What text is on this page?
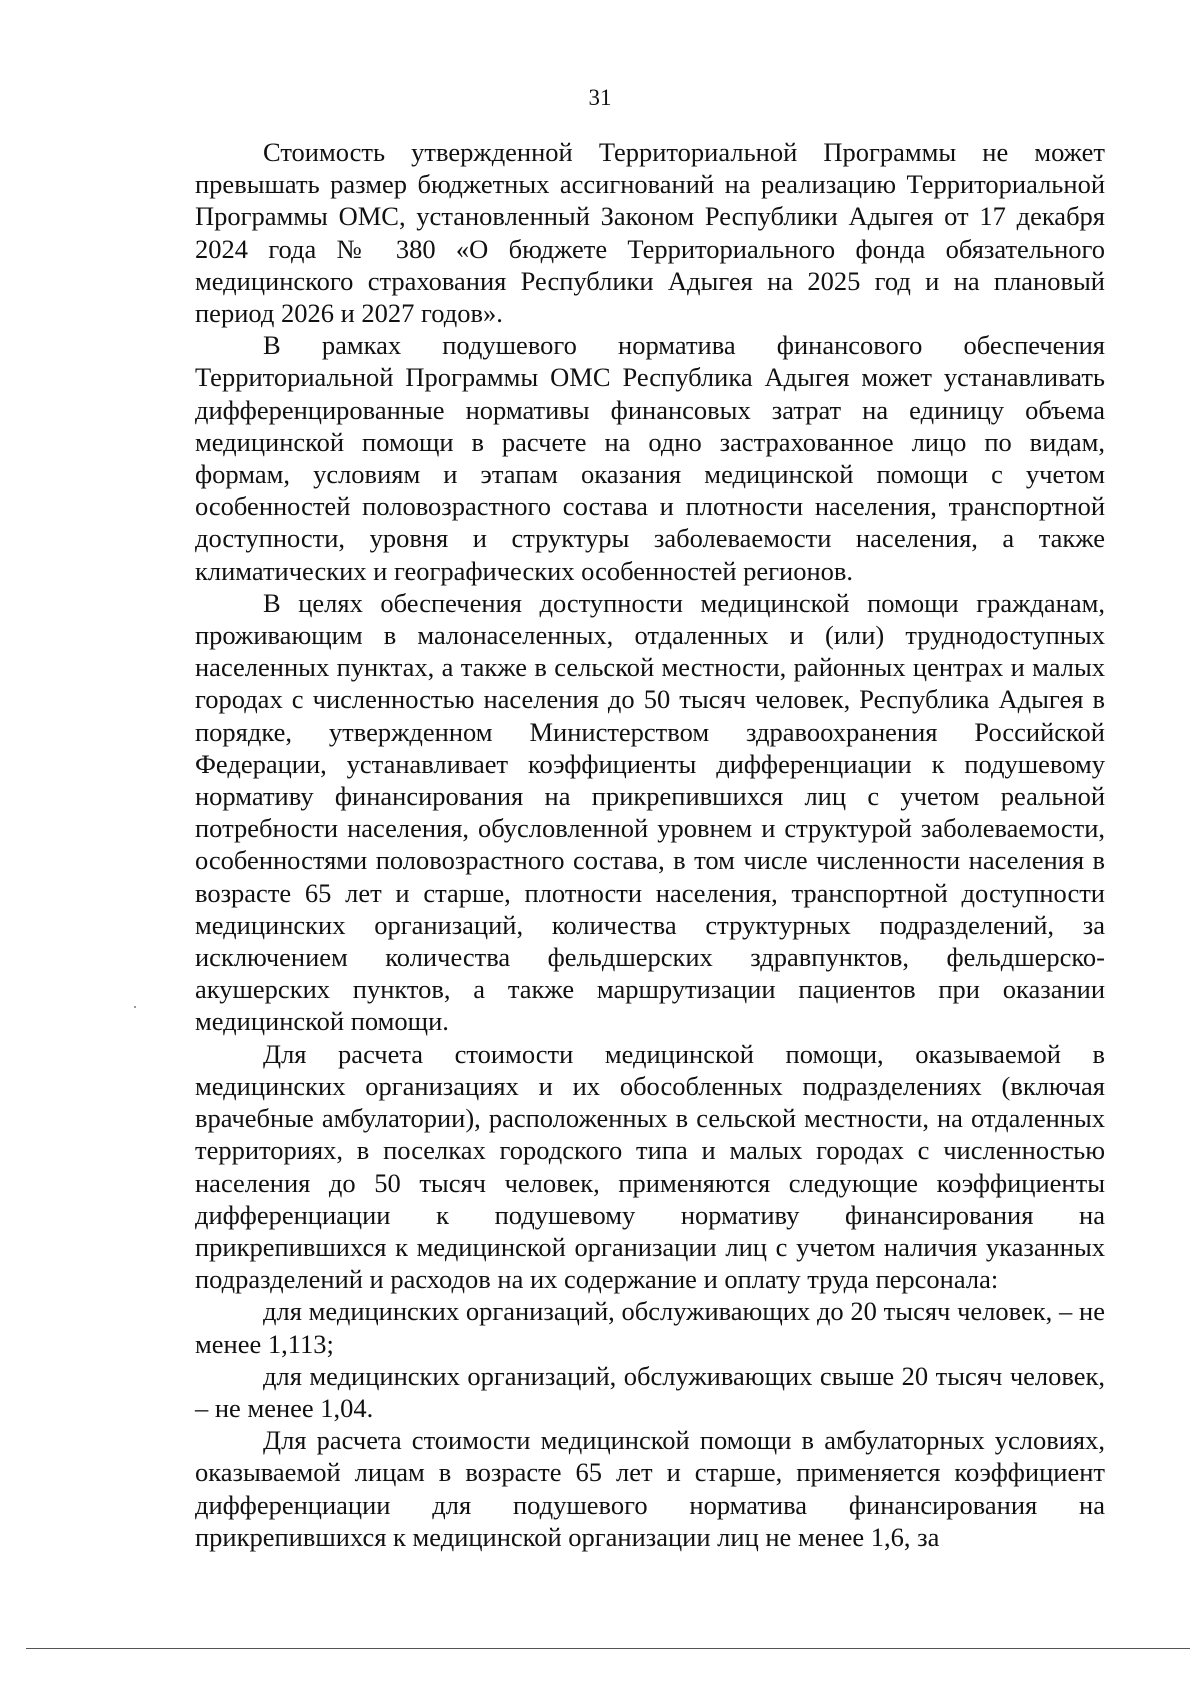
31

Стоимость утвержденной Территориальной Программы не может превышать размер бюджетных ассигнований на реализацию Территориальной Программы ОМС, установленный Законом Республики Адыгея от 17 декабря 2024 года № 380 «О бюджете Территориального фонда обязательного медицинского страхования Республики Адыгея на 2025 год и на плановый период 2026 и 2027 годов».

В рамках подушевого норматива финансового обеспечения Территориальной Программы ОМС Республика Адыгея может устанавливать дифференцированные нормативы финансовых затрат на единицу объема медицинской помощи в расчете на одно застрахованное лицо по видам, формам, условиям и этапам оказания медицинской помощи с учетом особенностей половозрастного состава и плотности населения, транспортной доступности, уровня и структуры заболеваемости населения, а также климатических и географических особенностей регионов.

В целях обеспечения доступности медицинской помощи гражданам, проживающим в малонаселенных, отдаленных и (или) труднодоступных населенных пунктах, а также в сельской местности, районных центрах и малых городах с численностью населения до 50 тысяч человек, Республика Адыгея в порядке, утвержденном Министерством здравоохранения Российской Федерации, устанавливает коэффициенты дифференциации к подушевому нормативу финансирования на прикрепившихся лиц с учетом реальной потребности населения, обусловленной уровнем и структурой заболеваемости, особенностями половозрастного состава, в том числе численности населения в возрасте 65 лет и старше, плотности населения, транспортной доступности медицинских организаций, количества структурных подразделений, за исключением количества фельдшерских здравпунктов, фельдшерско-акушерских пунктов, а также маршрутизации пациентов при оказании медицинской помощи.

Для расчета стоимости медицинской помощи, оказываемой в медицинских организациях и их обособленных подразделениях (включая врачебные амбулатории), расположенных в сельской местности, на отдаленных территориях, в поселках городского типа и малых городах с численностью населения до 50 тысяч человек, применяются следующие коэффициенты дифференциации к подушевому нормативу финансирования на прикрепившихся к медицинской организации лиц с учетом наличия указанных подразделений и расходов на их содержание и оплату труда персонала:

для медицинских организаций, обслуживающих до 20 тысяч человек, – не менее 1,113;

для медицинских организаций, обслуживающих свыше 20 тысяч человек, – не менее 1,04.

Для расчета стоимости медицинской помощи в амбулаторных условиях, оказываемой лицам в возрасте 65 лет и старше, применяется коэффициент дифференциации для подушевого норматива финансирования на прикрепившихся к медицинской организации лиц не менее 1,6, за
